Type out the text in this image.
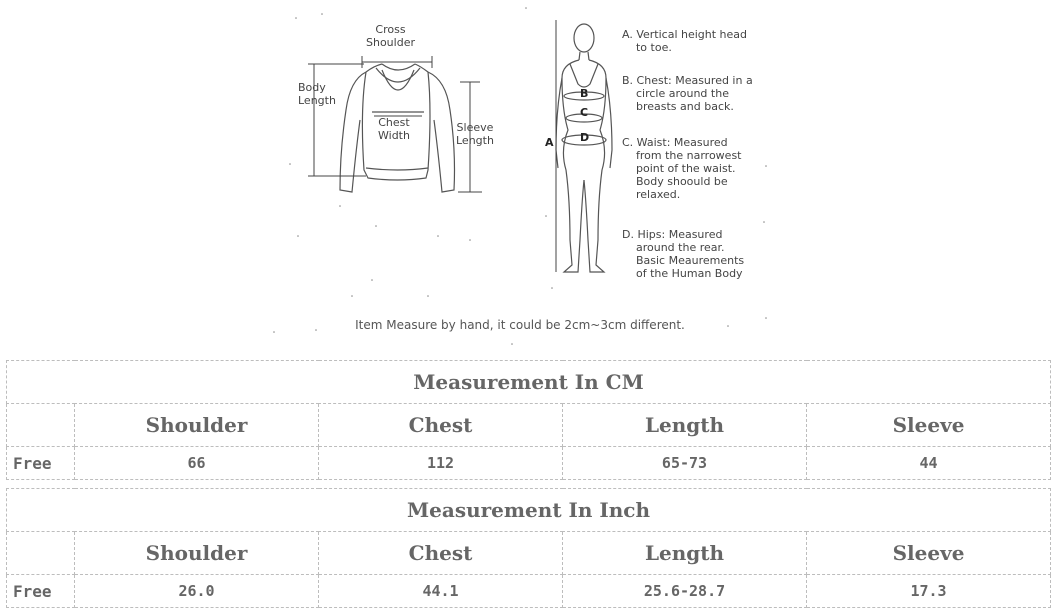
Cross
Shoulder
Body
Length
Chest
Width
Sleeve
Length	A
B
C
D
A. Vertical height head
to toe.
B. Chest: Measured in a
circle around the
breasts and back.
C. Waist: Measured
from the narrowest
point of the waist.
Body shoould be
relaxed.
D. Hips: Measured
around the rear.
Basic Meaurements
of the Human Body
Item Measure by hand, it could be 2cm~3cm different.
Measurement In CM				
	Shoulder	Chest	Length	Sleeve
Free	66	112	65-73	44
Measurement In Inch				
	Shoulder	Chest	Length	Sleeve
Free	26.0	44.1	25.6-28.7	17.3
